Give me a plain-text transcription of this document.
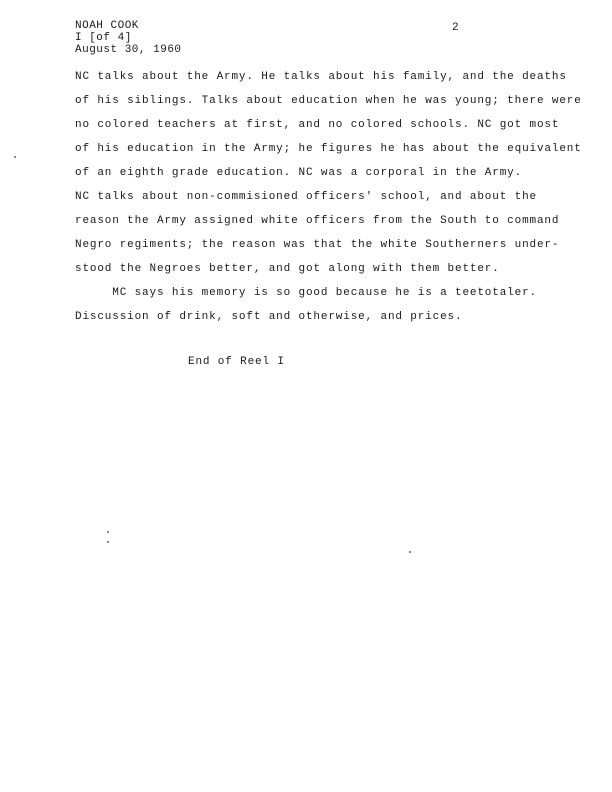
NOAH COOK
I [of 4]
August 30, 1960
2
NC talks about the Army. He talks about his family, and the deaths
of his siblings. Talks about education when he was young; there were
no colored teachers at first, and no colored schools. NC got most
of his education in the Army; he figures he has about the equivalent
of an eighth grade education. NC was a corporal in the Army.
NC talks about non-commisioned officers' school, and about the
reason the Army assigned white officers from the South to command
Negro regiments; the reason was that the white Southerners under-
stood the Negroes better, and got along with them better.
MC says his memory is so good because he is a teetotaler.
Discussion of drink, soft and otherwise, and prices.
End of Reel I
